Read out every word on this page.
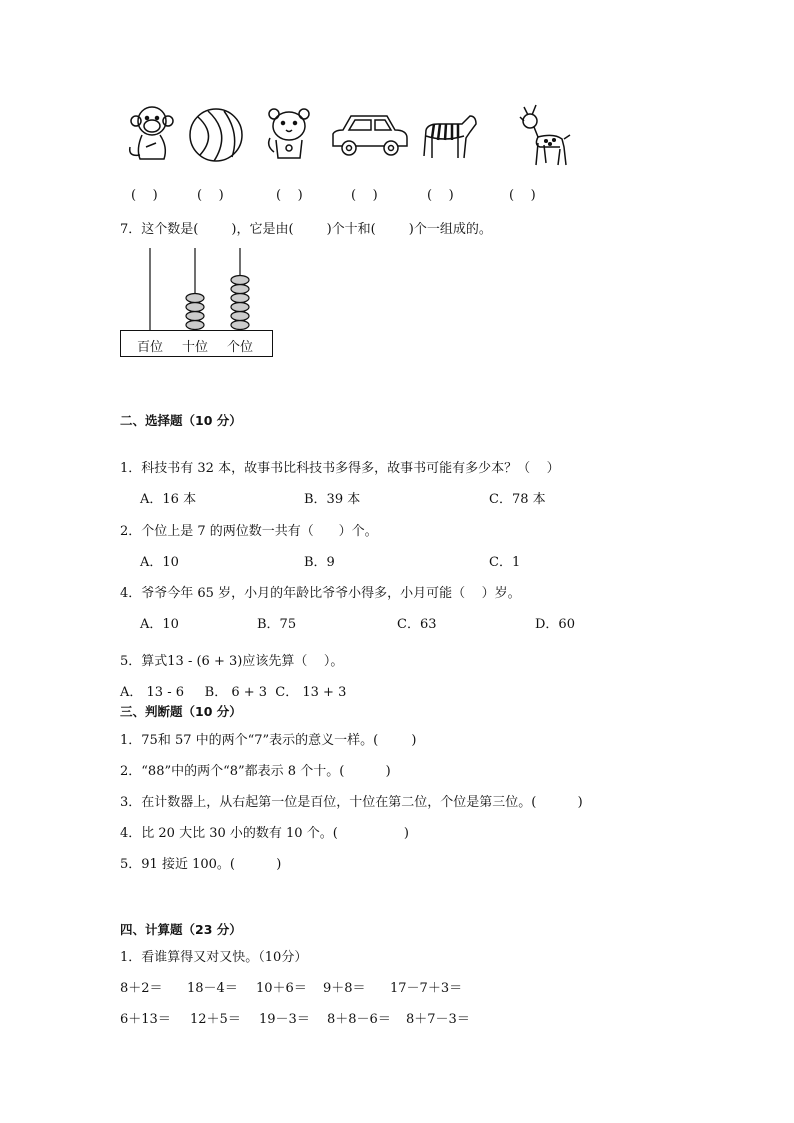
(    )	(    )	(    )	(    )	(    )	(    )
7．这个数是(        )，它是由(        )个十和(        )个一组成的。
百位 十位 个位
二、选择题（10 分）
1．科技书有 32 本，故事书比科技书多得多，故事书可能有多少本？（    ）
A．16 本	B．39 本	C．78 本
2．个位上是 7 的两位数一共有（      ）个。
A．10	B．9	C．1
4．爷爷今年 65 岁，小月的年龄比爷爷小得多，小月可能（    ）岁。
A．10	B．75	C．63	D．60
5．算式13 - (6 + 3)应该先算（    ）。
A． 13 - 6     B． 6 + 3  C． 13 + 3
三、判断题（10 分）
1．75和 57 中的两个“7”表示的意义一样。(        )
2．“88”中的两个“8”都表示 8 个十。(          )
3．在计数器上，从右起第一位是百位，十位在第二位，个位是第三位。(          )
4．比 20 大比 30 小的数有 10 个。(                )
5．91 接近 100。(          )
四、计算题（23 分）
1．看谁算得又对又快。（10分）
8＋2＝ 18－4＝ 10＋6＝ 9＋8＝ 17－7＋3＝
6＋13＝ 12＋5＝ 19－3＝ 8＋8－6＝ 8＋7－3＝
